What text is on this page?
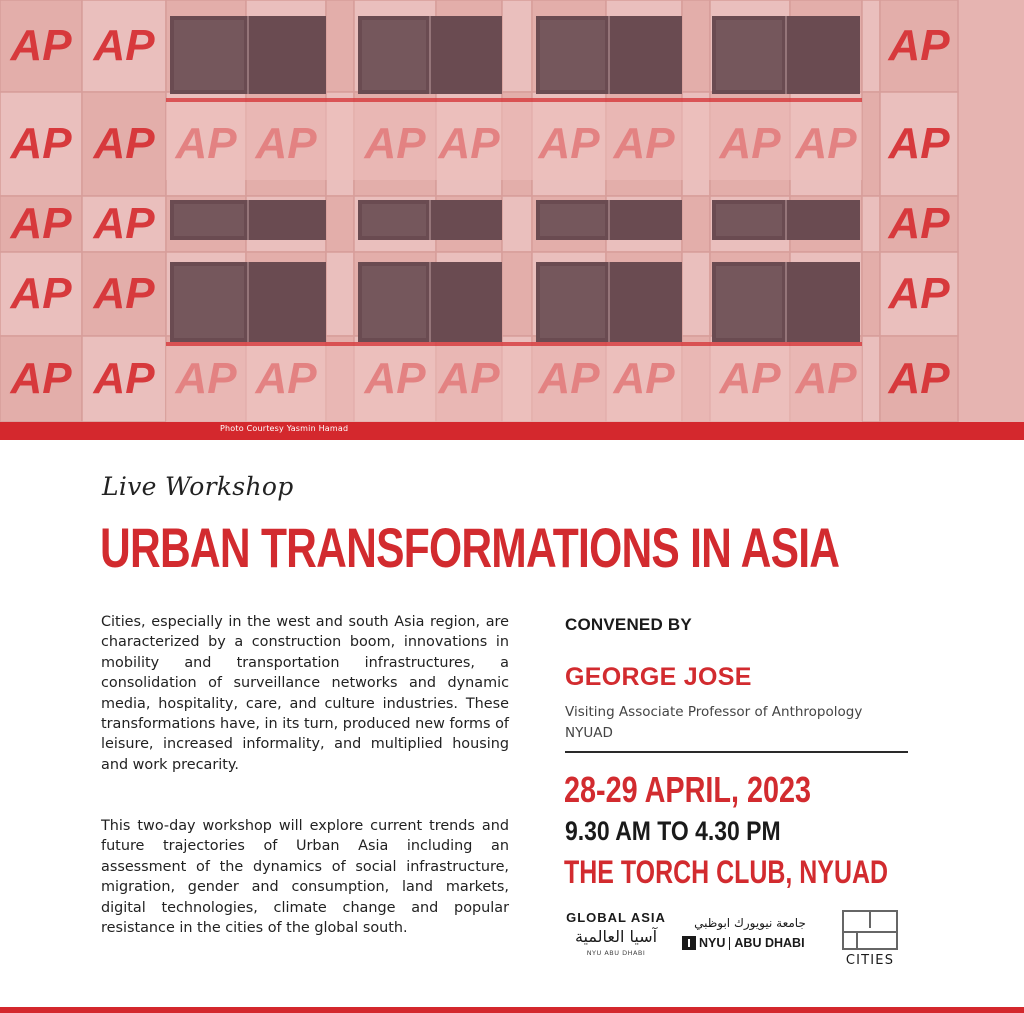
AP AP	AP
AP AP	AP
AP AP	AP
AP AP	AP
AP AP	AP
Photo Courtesy Yasmin Hamad
Live Workshop
URBAN TRANSFORMATIONS IN ASIA

Cities, especially in the west and south Asia region, are characterized by a construction boom, innovations in mobility and transportation infrastructures, a consolidation of surveillance networks and dynamic media, hospitality, care, and culture industries. These transformations have, in its turn, produced new forms of leisure, increased informality, and multiplied housing and work precarity.

This two-day workshop will explore current trends and future trajectories of Urban Asia including an assessment of the dynamics of social infrastructure, migration, gender and consumption, land markets, digital technologies, climate change and popular resistance in the cities of the global south.

CONVENED BY
GEORGE JOSE
Visiting Associate Professor of Anthropology
NYUAD
28-29 APRIL, 2023
9.30 AM TO 4.30 PM
THE TORCH CLUB, NYUAD
GLOBAL ASIA
آسيا العالمية
NYU ABU DHABI
جامعة نيويورك ابوظبي
NYU ABU DHABI
CITIES
